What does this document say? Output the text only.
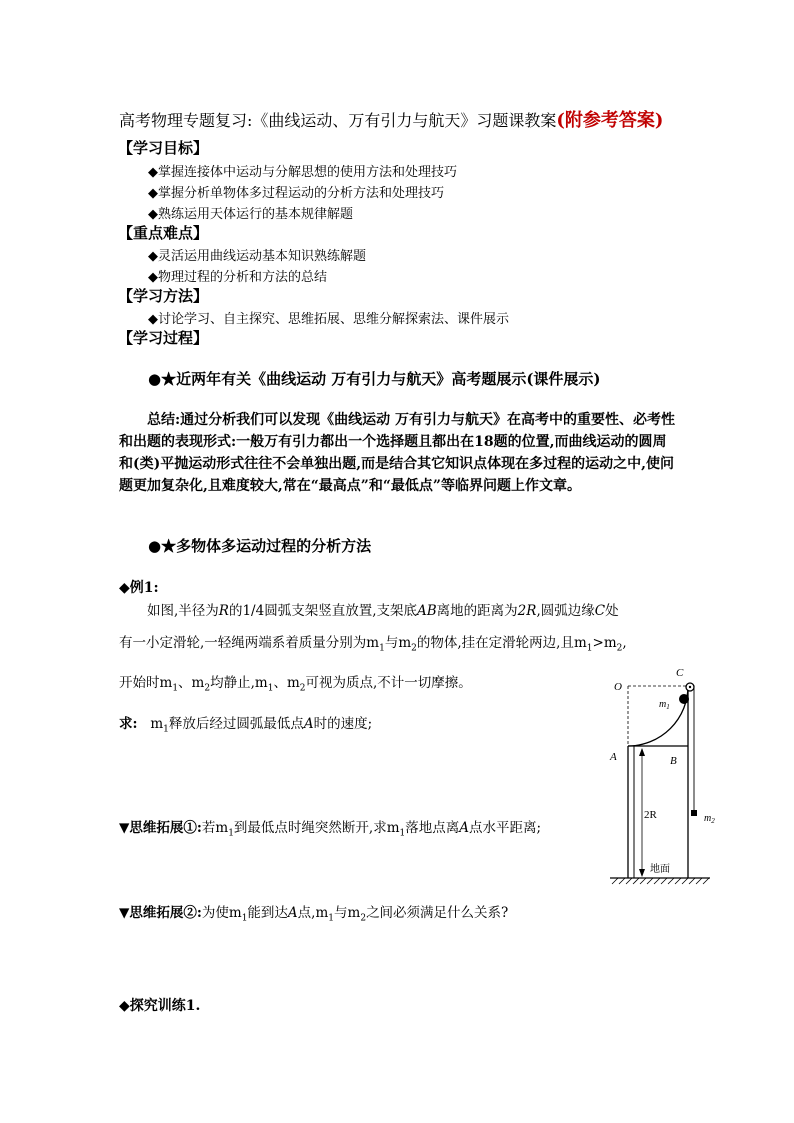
高考物理专题复习:《曲线运动、万有引力与航天》习题课教案(附参考答案)
【学习目标】
◆掌握连接体中运动与分解思想的使用方法和处理技巧
◆掌握分析单物体多过程运动的分析方法和处理技巧
◆熟练运用天体运行的基本规律解题
【重点难点】
◆灵活运用曲线运动基本知识熟练解题
◆物理过程的分析和方法的总结
【学习方法】
◆讨论学习、自主探究、思维拓展、思维分解探索法、课件展示
【学习过程】
●★近两年有关《曲线运动 万有引力与航天》高考题展示(课件展示)
总结:通过分析我们可以发现《曲线运动 万有引力与航天》在高考中的重要性、必考性和出题的表现形式:一般万有引力都出一个选择题且都出在18题的位置,而曲线运动的圆周和(类)平抛运动形式往往不会单独出题,而是结合其它知识点体现在多过程的运动之中,使问题更加复杂化,且难度较大,常在“最高点”和“最低点”等临界问题上作文章。
●★多物体多运动过程的分析方法
◆例1:
如图,半径为R的1/4圆弧支架竖直放置,支架底AB离地的距离为2R,圆弧边缘C处
有一小定滑轮,一轻绳两端系着质量分别为$m_1$与$m_2$的物体,挂在定滑轮两边,且$m_1>m_2$,
开始时$m_1$、$m_2$均静止$,m_1$、$m_2$可视为质点,不计一切摩擦。
求: $m_1$释放后经过圆弧最低点A时的速度;
▼思维拓展①:若$m_1$到最低点时绳突然断开,求$m_1$落地点离A点水平距离;
▼思维拓展②:为使$m_1$能到达A点$,m_1$与$m_2$之间必须满足什么关系?
◆探究训练1.
O
C
$m_1$
A	B
2R	$m_2$
地面
